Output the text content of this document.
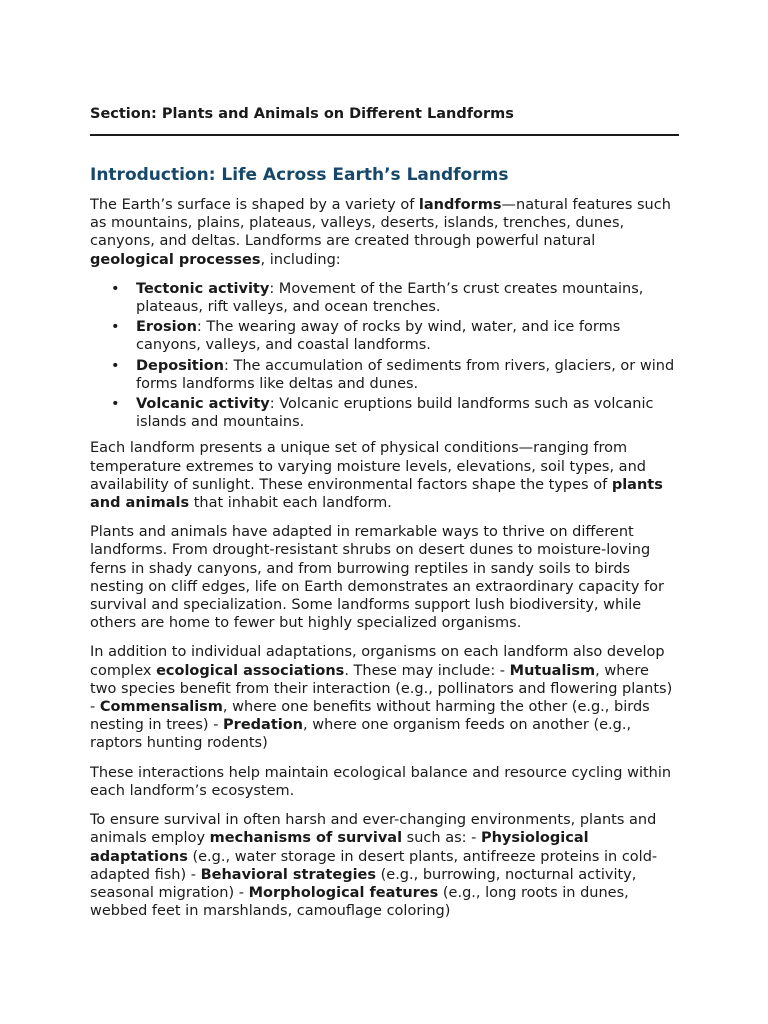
Section: Plants and Animals on Different Landforms
Introduction: Life Across Earth’s Landforms

The Earth’s surface is shaped by a variety of landforms—natural features such as mountains, plains, plateaus, valleys, deserts, islands, trenches, dunes, canyons, and deltas. Landforms are created through powerful natural geological processes, including:

• Tectonic activity: Movement of the Earth’s crust creates mountains, plateaus, rift valleys, and ocean trenches.
• Erosion: The wearing away of rocks by wind, water, and ice forms canyons, valleys, and coastal landforms.
• Deposition: The accumulation of sediments from rivers, glaciers, or wind forms landforms like deltas and dunes.
• Volcanic activity: Volcanic eruptions build landforms such as volcanic islands and mountains.

Each landform presents a unique set of physical conditions—ranging from temperature extremes to varying moisture levels, elevations, soil types, and availability of sunlight. These environmental factors shape the types of plants and animals that inhabit each landform.

Plants and animals have adapted in remarkable ways to thrive on different landforms. From drought-resistant shrubs on desert dunes to moisture-loving ferns in shady canyons, and from burrowing reptiles in sandy soils to birds nesting on cliff edges, life on Earth demonstrates an extraordinary capacity for survival and specialization. Some landforms support lush biodiversity, while others are home to fewer but highly specialized organisms.

In addition to individual adaptations, organisms on each landform also develop complex ecological associations. These may include: - Mutualism, where two species benefit from their interaction (e.g., pollinators and flowering plants) - Commensalism, where one benefits without harming the other (e.g., birds nesting in trees) - Predation, where one organism feeds on another (e.g., raptors hunting rodents)

These interactions help maintain ecological balance and resource cycling within each landform’s ecosystem.

To ensure survival in often harsh and ever-changing environments, plants and animals employ mechanisms of survival such as: - Physiological adaptations (e.g., water storage in desert plants, antifreeze proteins in cold-adapted fish) - Behavioral strategies (e.g., burrowing, nocturnal activity, seasonal migration) - Morphological features (e.g., long roots in dunes, webbed feet in marshlands, camouflage coloring)
